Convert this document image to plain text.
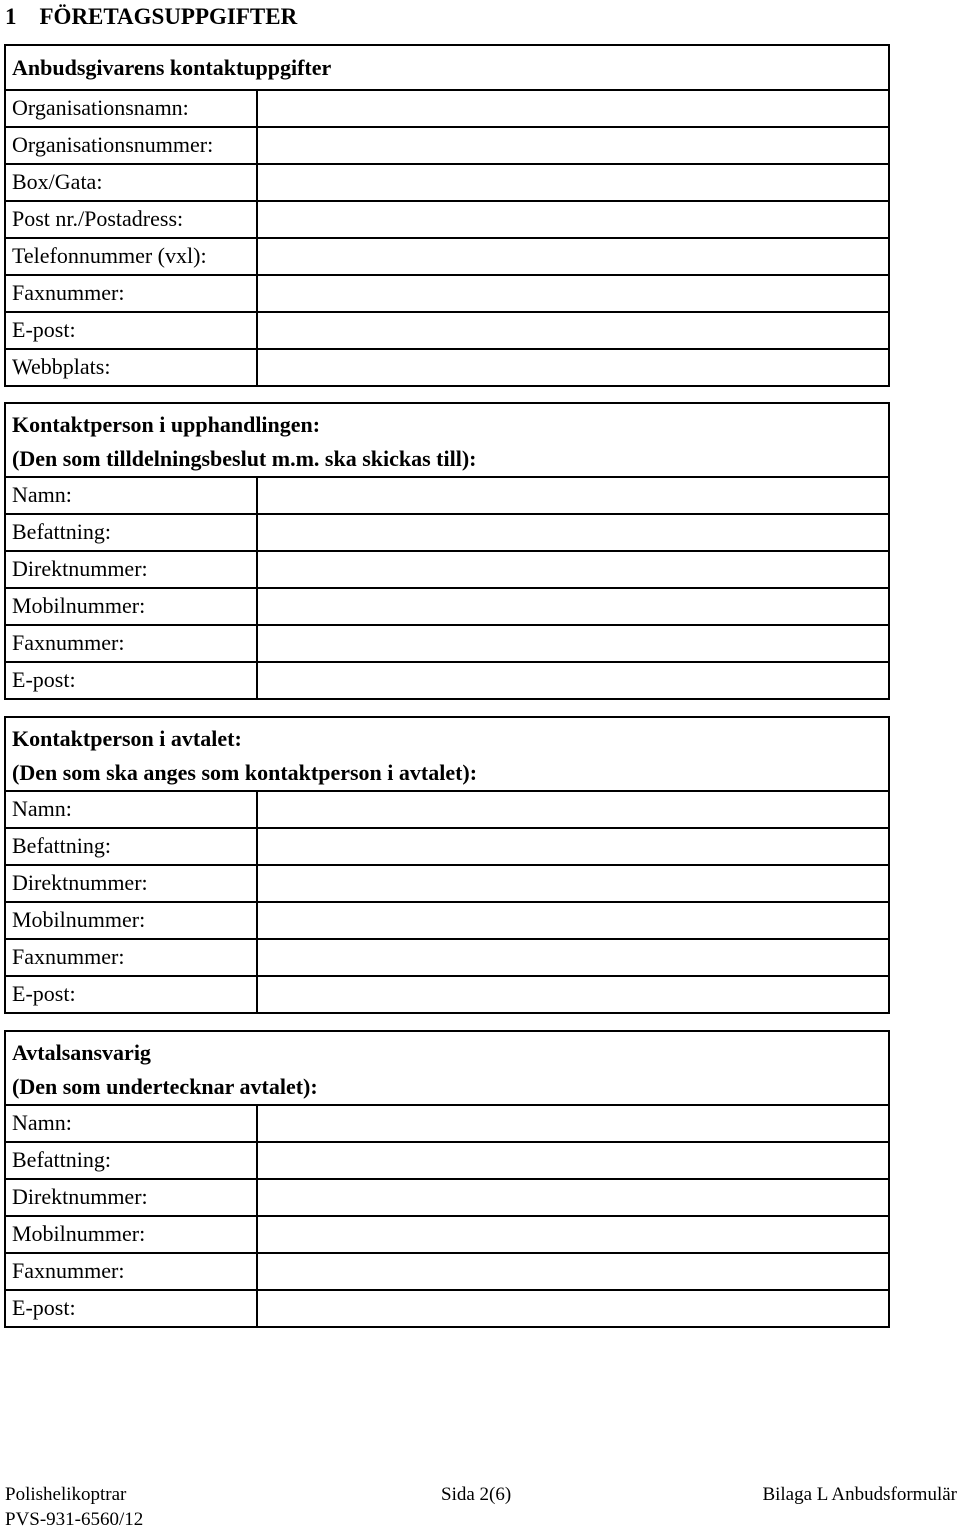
1 FÖRETAGSUPPGIFTER
Anbudsgivarens kontaktuppgifter
Organisationsnamn:
Organisationsnummer:
Box/Gata:
Post nr./Postadress:
Telefonnummer (vxl):
Faxnummer:
E-post:
Webbplats:
Kontaktperson i upphandlingen:
(Den som tilldelningsbeslut m.m. ska skickas till):
Namn:
Befattning:
Direktnummer:
Mobilnummer:
Faxnummer:
E-post:
Kontaktperson i avtalet:
(Den som ska anges som kontaktperson i avtalet):
Namn:
Befattning:
Direktnummer:
Mobilnummer:
Faxnummer:
E-post:
Avtalsansvarig
(Den som undertecknar avtalet):
Namn:
Befattning:
Direktnummer:
Mobilnummer:
Faxnummer:
E-post:
Polishelikoptrar
PVS-931-6560/12
Sida 2(6)	Bilaga L Anbudsformulär
